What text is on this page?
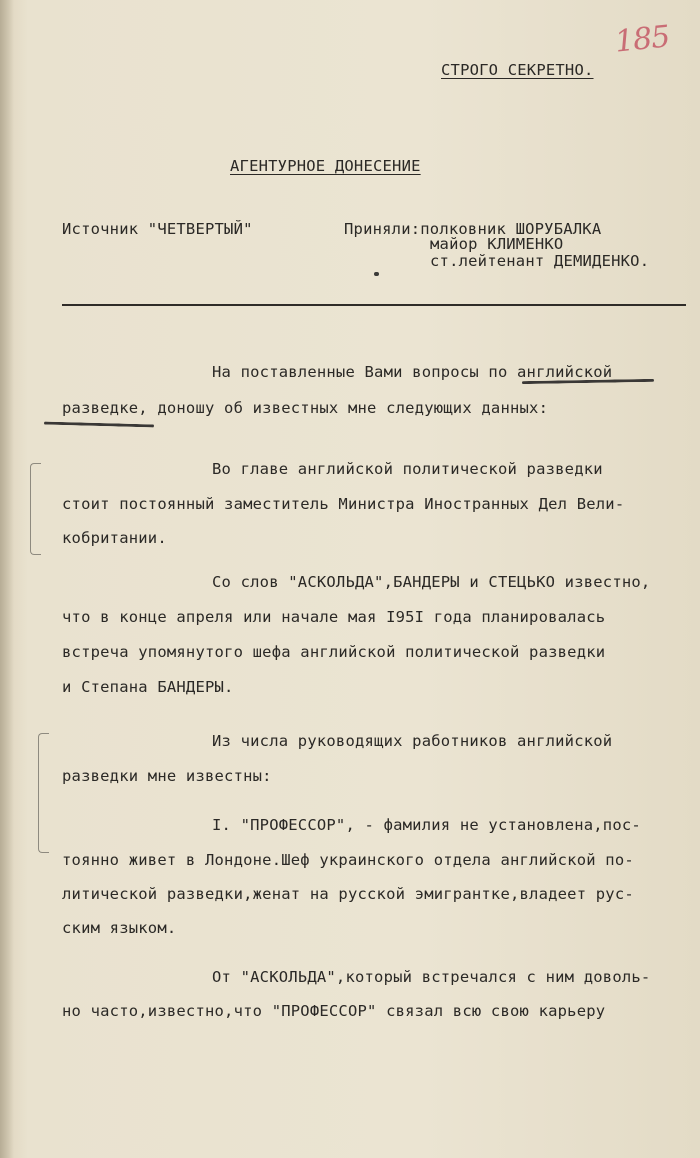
185
СТРОГО СЕКРЕТНО.
АГЕНТУРНОЕ ДОНЕСЕНИЕ
Источник "ЧЕТВЕРТЫЙ"	Приняли:полковник ШОРУБАЛКА
майор КЛИМЕНКО
ст.лейтенант ДЕМИДЕНКО.
На поставленные Вами вопросы по английской
разведке, доношу об известных мне следующих данных:
Во главе английской политической разведки
стоит постоянный заместитель Министра Иностранных Дел Вели-
кобритании.
Со слов "АСКОЛЬДА",БАНДЕРЫ и СТЕЦЬКО известно,
что в конце апреля или начале мая I95I года планировалась
встреча упомянутого шефа английской политической разведки
и Степана БАНДЕРЫ.
Из числа руководящих работников английской
разведки мне известны:
I. "ПРОФЕССОР", - фамилия не установлена,пос-
тоянно живет в Лондоне.Шеф украинского отдела английской по-
литической разведки,женат на русской эмигрантке,владеет рус-
ским языком.
От "АСКОЛЬДА",который встречался с ним доволь-
но часто,известно,что "ПРОФЕССОР" связал всю свою карьеру
